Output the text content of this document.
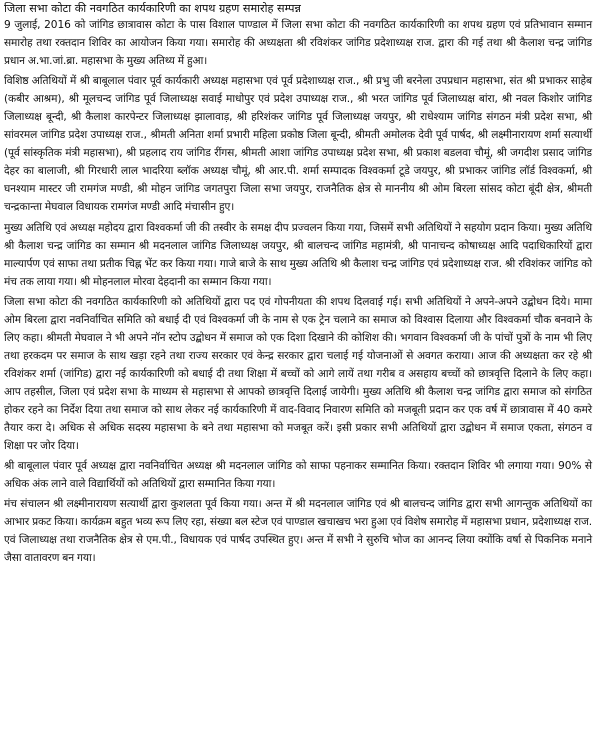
जिला सभा कोटा की नवगठित कार्यकारिणी का शपथ ग्रहण समारोह सम्पन्न

9 जुलाई, 2016 को जांगिड छात्रावास कोटा के पास विशाल पाण्डाल में जिला सभा कोटा की नवगठित कार्यकारिणी का शपथ ग्रहण एवं प्रतिभावान सम्मान समारोह तथा रक्तदान शिविर का आयोजन किया गया। समारोह की अध्यक्षता श्री रविशंकर जांगिड प्रदेशाध्यक्ष राज. द्वारा की गई तथा श्री कैलाश चन्द्र जांगिड प्रधान अ.भा.जां.ब्रा. महासभा के मुख्य अतिथ्य में हुआ।

विशिष्ठ अतिथियों में श्री बाबूलाल पंवार पूर्व कार्यकारी अध्यक्ष महासभा एवं पूर्व प्रदेशाध्यक्ष राज., श्री प्रभु जी बरनेला उपप्रधान महासभा, संत श्री प्रभाकर साहेब (कबीर आश्रम), श्री मूलचन्द जांगिड पूर्व जिलाध्यक्ष सवाई माधोपुर एवं प्रदेश उपाध्यक्ष राज., श्री भरत जांगिड पूर्व जिलाध्यक्ष बांरा, श्री नवल किशोर जांगिड जिलाध्यक्ष बून्दी, श्री कैलाश कारपेन्टर जिलाध्यक्ष झालावाड़, श्री हरिशंकर जांगिड पूर्व जिलाध्यक्ष जयपुर, श्री राधेश्याम जांगिड संगठन मंत्री प्रदेश सभा, श्री सांवरमल जांगिड प्रदेश उपाध्यक्ष राज., श्रीमती अनिता शर्मा प्रभारी महिला प्रकोष्ठ जिला बून्दी, श्रीमती अमोलक देवी पूर्व पार्षद, श्री लक्ष्मीनारायण शर्मा सत्यार्थी (पूर्व सांस्कृतिक मंत्री महासभा), श्री प्रहलाद राय जांगिड रींगस, श्रीमती आशा जांगिड उपाध्यक्ष प्रदेश सभा, श्री प्रकाश बडलवा चौमूं, श्री जगदीश प्रसाद जांगिड देहर का बालाजी, श्री गिरधारी लाल भादरिया ब्लॉक अध्यक्ष चौमूं, श्री आर.पी. शर्मा सम्पादक विश्वकर्मा टूडे जयपुर, श्री प्रभाकर जांगिड लॉर्ड विश्वकर्मा, श्री घनश्याम मास्टर जी रामगंज मण्डी, श्री मोहन जांगिड जगतपुरा जिला सभा जयपुर, राजनैतिक क्षेत्र से माननीय श्री ओम बिरला सांसद कोटा बूंदी क्षेत्र, श्रीमती चन्द्रकान्ता मेघवाल विधायक रामगंज मण्डी आदि मंचासीन हुए।

मुख्य अतिथि एवं अध्यक्ष महोदय द्वारा विश्वकर्मा जी की तस्वीर के समक्ष दीप प्रज्वलन किया गया, जिसमें सभी अतिथियों ने सहयोग प्रदान किया। मुख्य अतिथि श्री कैलाश चन्द्र जांगिड का सम्मान श्री मदनलाल जांगिड जिलाध्यक्ष जयपुर, श्री बालचन्द जांगिड महामंत्री, श्री पानाचन्द कोषाध्यक्ष आदि पदाधिकारियों द्वारा माल्यार्पण एवं साफा तथा प्रतीक चिह्न भेंट कर किया गया। गाजे बाजे के साथ मुख्य अतिथि श्री कैलाश चन्द्र जांगिड एवं प्रदेशाध्यक्ष राज. श्री रविशंकर जांगिड को मंच तक लाया गया। श्री मोहनलाल मोरवा देहदानी का सम्मान किया गया।

जिला सभा कोटा की नवगठित कार्यकारिणी को अतिथियों द्वारा पद एवं गोपनीयता की शपथ दिलवाई गई। सभी अतिथियों ने अपने-अपने उद्बोधन दिये। मामा ओम बिरला द्वारा नवनिर्वाचित समिति को बधाई दी एवं विश्वकर्मा जी के नाम से एक ट्रेन चलाने का समाज को विश्वास दिलाया और विश्वकर्मा चौक बनवाने के लिए कहा। श्रीमती मेघवाल ने भी अपने नॉन स्टोप उद्बोधन में समाज को एक दिशा दिखाने की कोशिश की। भगवान विश्वकर्मा जी के पांचों पुत्रों के नाम भी लिए तथा हरकदम पर समाज के साथ खड़ा रहने तथा राज्य सरकार एवं केन्द्र सरकार द्वारा चलाई गई योजनाओं से अवगत कराया। आज की अध्यक्षता कर रहे श्री रविशंकर शर्मा (जांगिड) द्वारा नई कार्यकारिणी को बधाई दी तथा शिक्षा में बच्चों को आगे लायें तथा गरीब व असहाय बच्चों को छात्रवृत्ति दिलाने के लिए कहा। आप तहसील, जिला एवं प्रदेश सभा के माध्यम से महासभा से आपको छात्रवृत्ति दिलाई जायेगी। मुख्य अतिथि श्री कैलाश चन्द्र जांगिड द्वारा समाज को संगठित होकर रहने का निर्देश दिया तथा समाज को साथ लेकर नई कार्यकारिणी में वाद-विवाद निवारण समिति को मजबूती प्रदान कर एक वर्ष में छात्रावास में 40 कमरे तैयार करा दे। अधिक से अधिक सदस्य महासभा के बने तथा महासभा को मजबूत करें। इसी प्रकार सभी अतिथियों द्वारा उद्बोधन में समाज एकता, संगठन व शिक्षा पर जोर दिया।

श्री बाबूलाल पंवार पूर्व अध्यक्ष द्वारा नवनिर्वाचित अध्यक्ष श्री मदनलाल जांगिड को साफा पहनाकर सम्मानित किया। रक्तदान शिविर भी लगाया गया। 90% से अधिक अंक लाने वाले विद्यार्थियों को अतिथियों द्वारा सम्मानित किया गया।

मंच संचालन श्री लक्ष्मीनारायण सत्यार्थी द्वारा कुशलता पूर्व किया गया। अन्त में श्री मदनलाल जांगिड एवं श्री बालचन्द जांगिड द्वारा सभी आगन्तुक अतिथियों का आभार प्रकट किया। कार्यक्रम बहुत भव्य रूप लिए रहा, संख्या बल स्टेज एवं पाण्डाल खचाखच भरा हुआ एवं विशेष समारोह में महासभा प्रधान, प्रदेशाध्यक्ष राज. एवं जिलाध्यक्ष तथा राजनैतिक क्षेत्र से एम.पी., विधायक एवं पार्षद उपस्थित हुए। अन्त में सभी ने सुरुचि भोज का आनन्द लिया क्योंकि वर्षा से पिकनिक मनाने जैसा वातावरण बन गया।
